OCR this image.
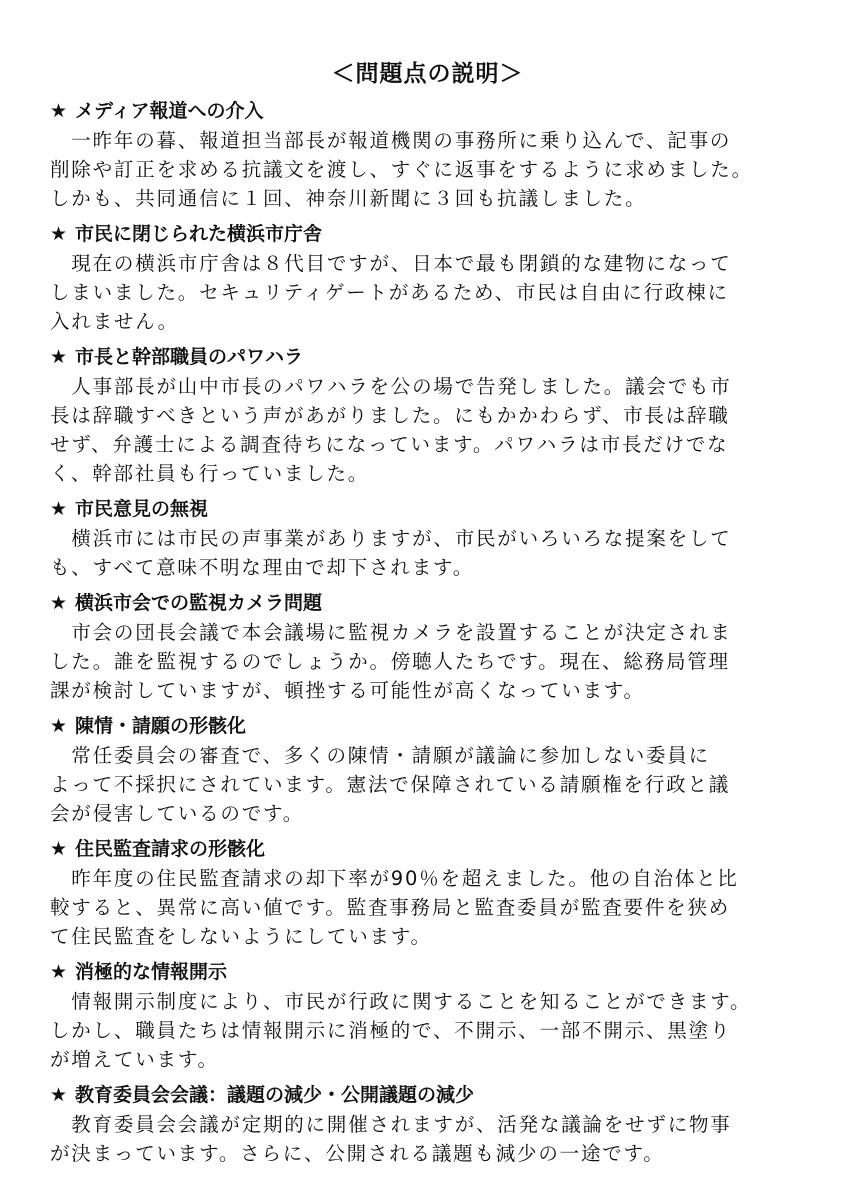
＜問題点の説明＞
★ メディア報道への介入

　一昨年の暮、報道担当部長が報道機関の事務所に乗り込んで、記事の
削除や訂正を求める抗議文を渡し、すぐに返事をするように求めました。
しかも、共同通信に１回、神奈川新聞に３回も抗議しました。

★ 市民に閉じられた横浜市庁舎

　現在の横浜市庁舎は８代目ですが、日本で最も閉鎖的な建物になって
しまいました。セキュリティゲートがあるため、市民は自由に行政棟に
入れません。

★ 市長と幹部職員のパワハラ

　人事部長が山中市長のパワハラを公の場で告発しました。議会でも市
長は辞職すべきという声があがりました。にもかかわらず、市長は辞職
せず、弁護士による調査待ちになっています。パワハラは市長だけでな
く、幹部社員も行っていました。

★ 市民意見の無視

　横浜市には市民の声事業がありますが、市民がいろいろな提案をして
も、すべて意味不明な理由で却下されます。

★ 横浜市会での監視カメラ問題

　市会の団長会議で本会議場に監視カメラを設置することが決定されま
した。誰を監視するのでしょうか。傍聴人たちです。現在、総務局管理
課が検討していますが、頓挫する可能性が高くなっています。

★ 陳情・請願の形骸化

　常任委員会の審査で、多くの陳情・請願が議論に参加しない委員に
よって不採択にされています。憲法で保障されている請願権を行政と議
会が侵害しているのです。

★ 住民監査請求の形骸化

　昨年度の住民監査請求の却下率が90％を超えました。他の自治体と比
較すると、異常に高い値です。監査事務局と監査委員が監査要件を狭め
て住民監査をしないようにしています。

★ 消極的な情報開示

　情報開示制度により、市民が行政に関することを知ることができます。
しかし、職員たちは情報開示に消極的で、不開示、一部不開示、黒塗り
が増えています。

★ 教育委員会会議：議題の減少・公開議題の減少

　教育委員会会議が定期的に開催されますが、活発な議論をせずに物事
が決まっています。さらに、公開される議題も減少の一途です。
